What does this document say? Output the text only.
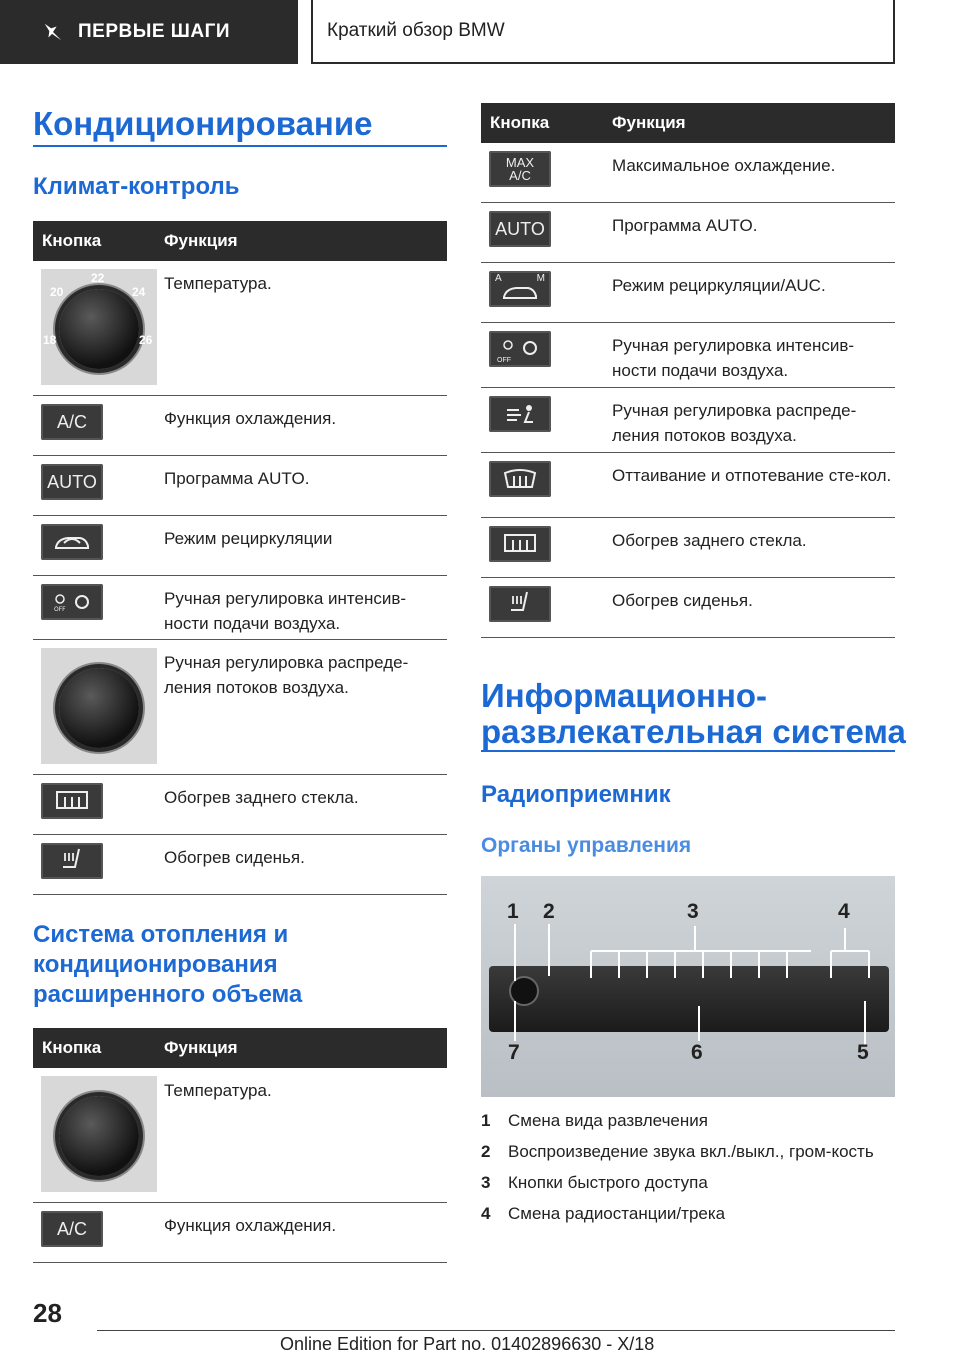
ПЕРВЫЕ ШАГИ	Краткий обзор BMW
Кондиционирование
Климат-контроль
Кнопка	Функция
22
20	24
18	26
Температура.
A/C	Функция охлаждения.
AUTO	Программа AUTO.
Режим рециркуляции
OFF
Ручная регулировка интенсив-ности подачи воздуха.
Ручная регулировка распреде-ления потоков воздуха.
Обогрев заднего стекла.
Обогрев сиденья.
Система отопления и кондиционирования расширенного объема
Кнопка	Функция
Температура.
A/C	Функция охлаждения.
Кнопка	Функция
MAX
A/C
Максимальное охлаждение.
AUTO	Программа AUTO.
A	M	Режим рециркуляции/AUC.
OFF
Ручная регулировка интенсив-ности подачи воздуха.
Ручная регулировка распреде-ления потоков воздуха.
Оттаивание и отпотевание сте-кол.
Обогрев заднего стекла.
Обогрев сиденья.
Информационно-
развлекательная система
Радиоприемник
Органы управления
1 2	3	4
5
6
7
1	Смена вида развлечения
2	Воспроизведение звука вкл./выкл., гром-кость
3	Кнопки быстрого доступа
4	Смена радиостанции/трека
28
Online Edition for Part no. 01402896630 - X/18
